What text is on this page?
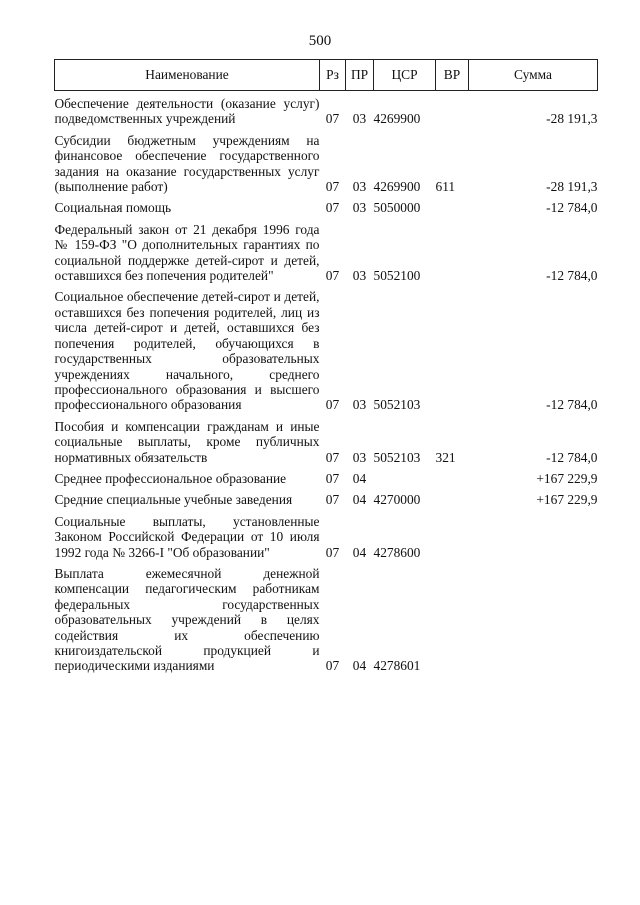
500
Наименование	Рз	ПР	ЦСР	ВР	Сумма
Обеспечение деятельности (оказание услуг) подведомственных учреждений	07	03	4269900		-28 191,3
Субсидии бюджетным учреждениям на финансовое обеспечение государственного задания на оказание государственных услуг (выполнение работ)	07	03	4269900	611	-28 191,3
Социальная помощь	07	03	5050000		-12 784,0
Федеральный закон от 21 декабря 1996 года № 159-ФЗ "О дополнительных гарантиях по социальной поддержке детей-сирот и детей, оставшихся без попечения родителей"	07	03	5052100		-12 784,0
Социальное обеспечение детей-сирот и детей, оставшихся без попечения родителей, лиц из числа детей-сирот и детей, оставшихся без попечения родителей, обучающихся в государственных образовательных учреждениях начального, среднего профессионального образования и высшего профессионального образования	07	03	5052103		-12 784,0
Пособия и компенсации гражданам и иные социальные выплаты, кроме публичных нормативных обязательств	07	03	5052103	321	-12 784,0
Среднее профессиональное образование	07	04			+167 229,9
Средние специальные учебные заведения	07	04	4270000		+167 229,9
Социальные выплаты, установленные Законом Российской Федерации от 10 июля 1992 года № 3266-I "Об образовании"	07	04	4278600		
Выплата ежемесячной денежной компенсации педагогическим работникам федеральных государственных образовательных учреждений в целях содействия их обеспечению книгоиздательской продукцией и периодическими изданиями	07	04	4278601		
